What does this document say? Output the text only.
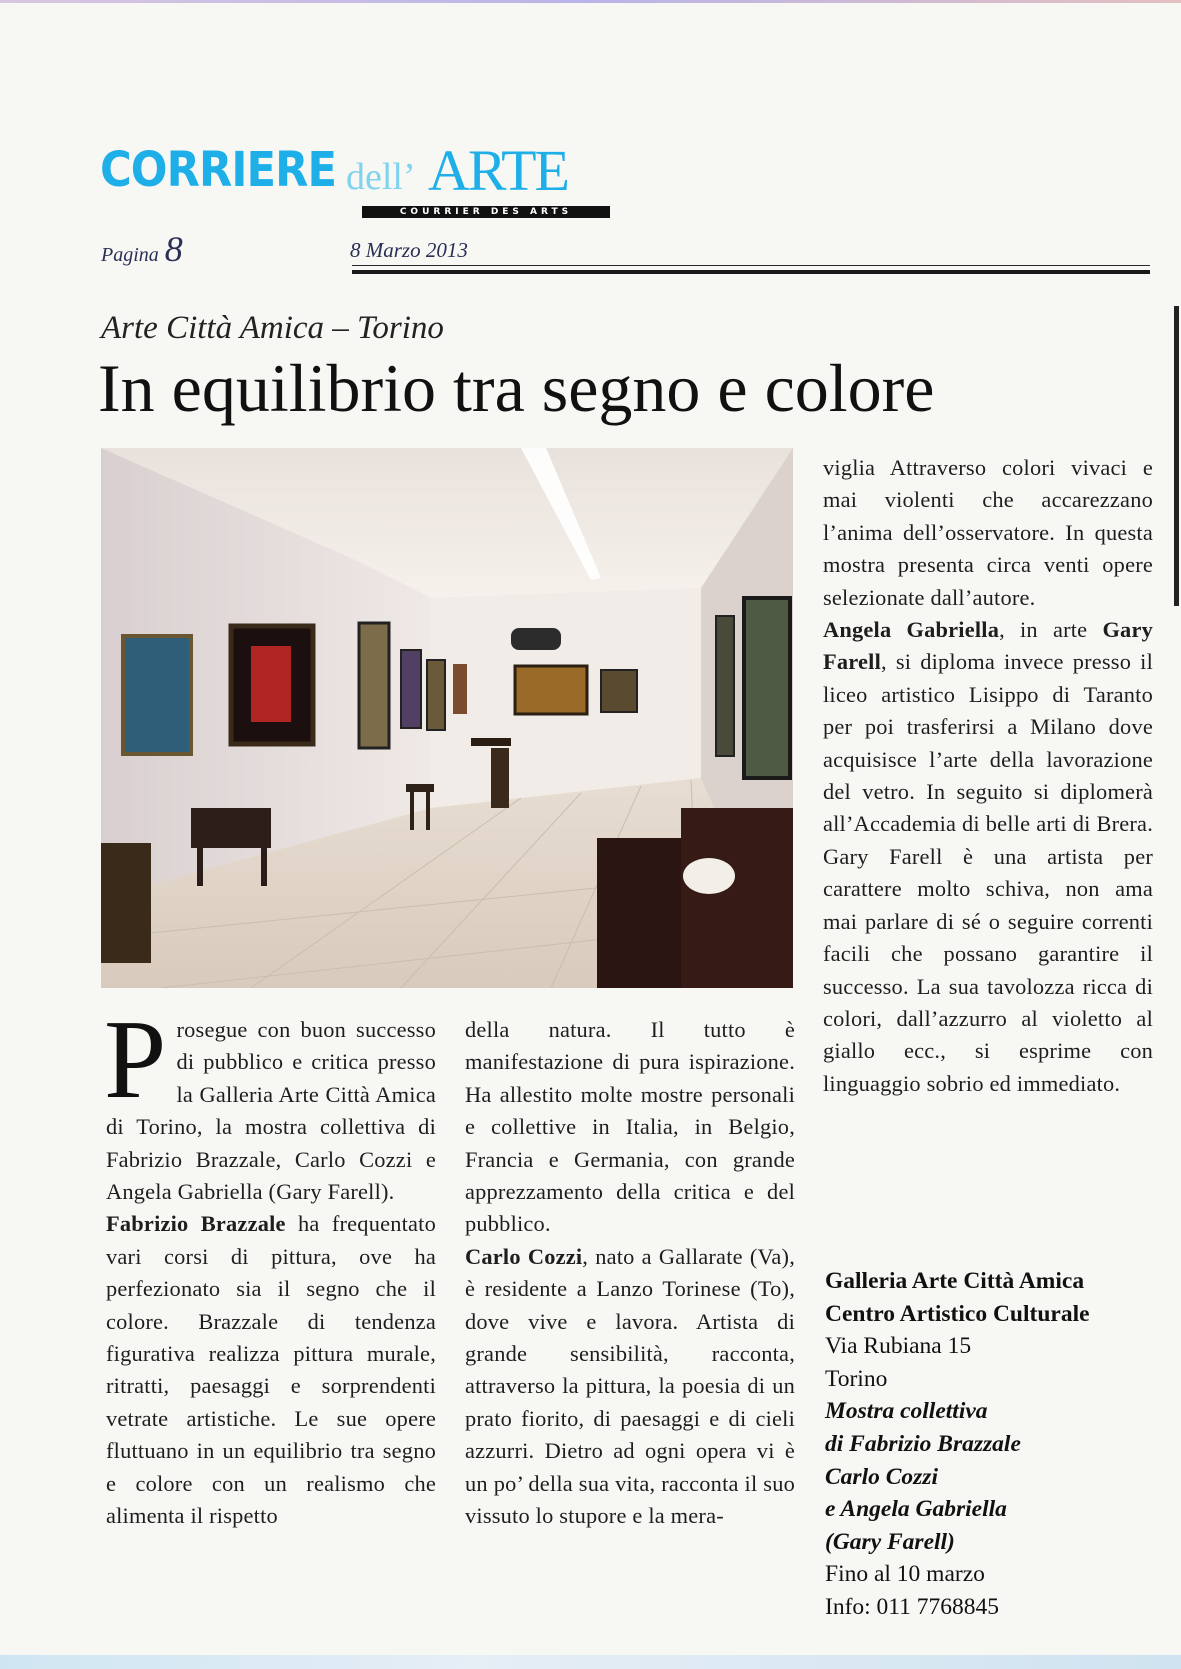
CORRIERE dell’ ARTE
COURRIER DES ARTS
Pagina 8	8 Marzo 2013
Arte Città Amica – Torino
In equilibrio tra segno e colore

Prosegue con buon successo di pubblico e critica presso la Galleria Arte Città Amica di Torino, la mostra collettiva di Fabrizio Brazzale, Carlo Cozzi e Angela Gabriella (Gary Farell).

Fabrizio Brazzale ha frequentato vari corsi di pittura, ove ha perfezionato sia il segno che il colore. Brazzale di tendenza figurativa realizza pittura murale, ritratti, paesaggi e sorprendenti vetrate artistiche. Le sue opere fluttuano in un equilibrio tra segno e colore con un realismo che alimenta il rispetto

della natura. Il tutto è manifestazione di pura ispirazione. Ha allestito molte mostre personali e collettive in Italia, in Belgio, Francia e Germania, con grande apprezzamento della critica e del pubblico.

Carlo Cozzi, nato a Gallarate (Va), è residente a Lanzo Torinese (To), dove vive e lavora. Artista di grande sensibilità, racconta, attraverso la pittura, la poesia di un prato fiorito, di paesaggi e di cieli azzurri. Dietro ad ogni opera vi è un po’ della sua vita, racconta il suo vissuto lo stupore e la mera-

viglia Attraverso colori vivaci e mai violenti che accarezzano l’anima dell’osservatore. In questa mostra presenta circa venti opere selezionate dall’autore.

Angela Gabriella, in arte Gary Farell, si diploma invece presso il liceo artistico Lisippo di Taranto per poi trasferirsi a Milano dove acquisisce l’arte della lavorazione del vetro. In seguito si diplomerà all’Accademia di belle arti di Brera. Gary Farell è una artista per carattere molto schiva, non ama mai parlare di sé o seguire correnti facili che possano garantire il successo. La sua tavolozza ricca di colori, dall’azzurro al violetto al giallo ecc., si esprime con linguaggio sobrio ed immediato.

Galleria Arte Città Amica
Centro Artistico Culturale
Via Rubiana 15
Torino
Mostra collettiva
di Fabrizio Brazzale
Carlo Cozzi
e Angela Gabriella
(Gary Farell)
Fino al 10 marzo
Info: 011 7768845
